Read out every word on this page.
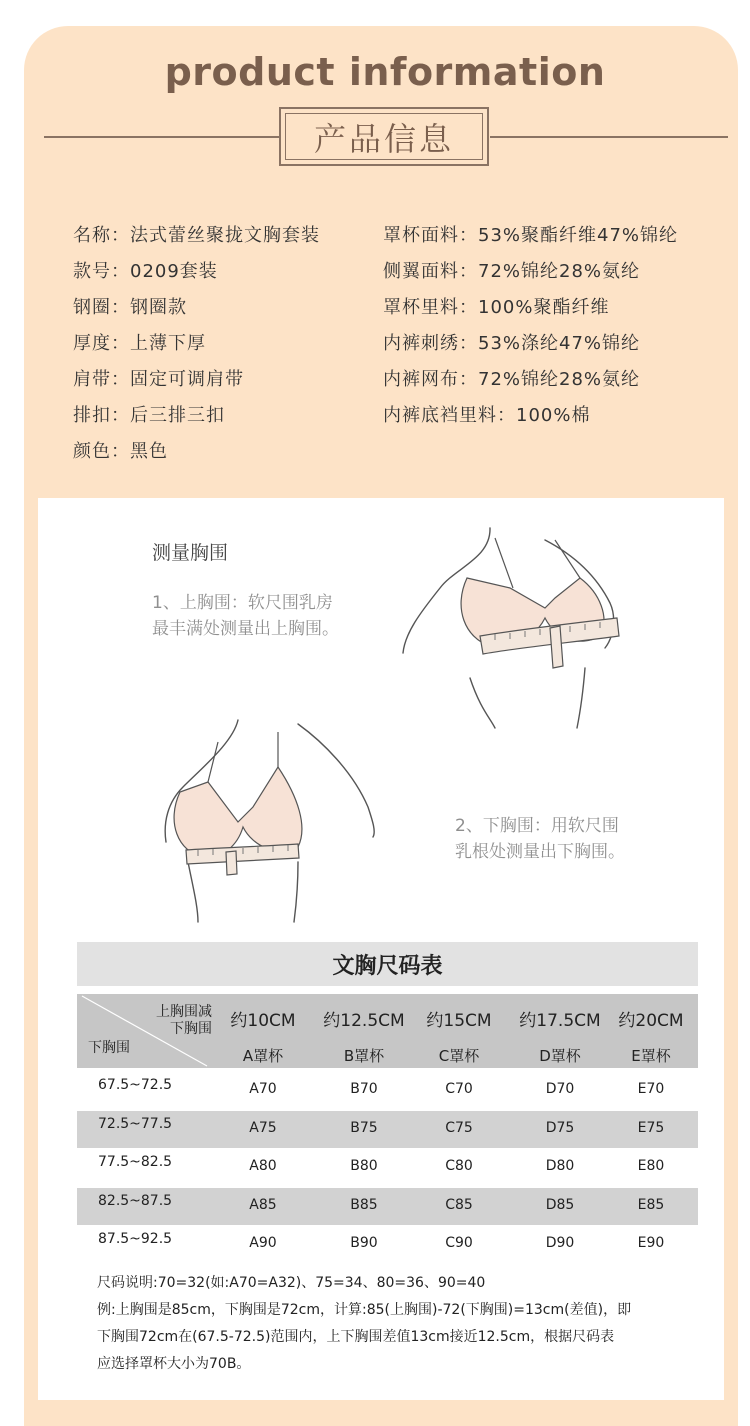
product information
产品信息
名称：法式蕾丝聚拢文胸套装
款号：0209套装
钢圈：钢圈款
厚度：上薄下厚
肩带：固定可调肩带
排扣：后三排三扣
颜色：黑色
罩杯面料：53%聚酯纤维47%锦纶
侧翼面料：72%锦纶28%氨纶
罩杯里料：100%聚酯纤维
内裤刺绣：53%涤纶47%锦纶
内裤网布：72%锦纶28%氨纶
内裤底裆里料：100%棉
测量胸围
1、上胸围：软尺围乳房
最丰满处测量出上胸围。
2、下胸围：用软尺围
乳根处测量出下胸围。
文胸尺码表
上胸围减
下胸围
下胸围
约10CM	约12.5CM	约15CM	约17.5CM	约20CM
A罩杯	B罩杯	C罩杯	D罩杯	E罩杯
67.5~72.5	A70	B70	C70	D70	E70
72.5~77.5	A75	B75	C75	D75	E75
77.5~82.5	A80	B80	C80	D80	E80
82.5~87.5	A85	B85	C85	D85	E85
87.5~92.5	A90	B90	C90	D90	E90
尺码说明:70=32(如:A70=A32)、75=34、80=36、90=40
例:上胸围是85cm，下胸围是72cm，计算:85(上胸围)-72(下胸围)=13cm(差值)，即
下胸围72cm在(67.5-72.5)范围内，上下胸围差值13cm接近12.5cm，根据尺码表
应选择罩杯大小为70B。
